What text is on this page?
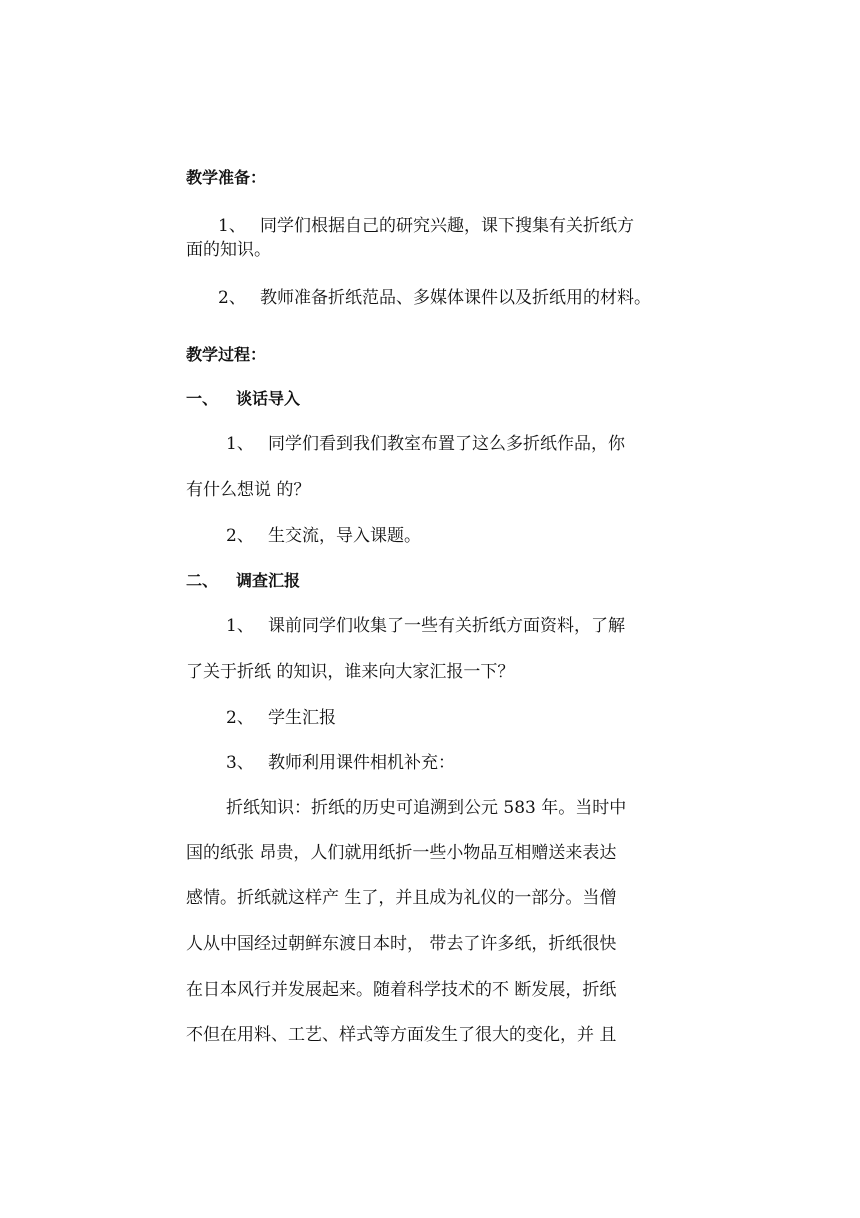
教学准备：
1、 同学们根据自己的研究兴趣，课下搜集有关折纸方
面的知识。
2、 教师准备折纸范品、多媒体课件以及折纸用的材料。
教学过程：
一、 谈话导入
1、 同学们看到我们教室布置了这么多折纸作品，你
有什么想说 的？
2、 生交流，导入课题。
二、 调查汇报
1、 课前同学们收集了一些有关折纸方面资料，了解
了关于折纸 的知识，谁来向大家汇报一下？
2、 学生汇报
3、 教师利用课件相机补充：
折纸知识：折纸的历史可追溯到公元 583 年。当时中
国的纸张 昂贵，人们就用纸折一些小物品互相赠送来表达
感情。折纸就这样产 生了，并且成为礼仪的一部分。当僧
人从中国经过朝鲜东渡日本时， 带去了许多纸，折纸很快
在日本风行并发展起来。随着科学技术的不 断发展，折纸
不但在用料、工艺、样式等方面发生了很大的变化，并 且
